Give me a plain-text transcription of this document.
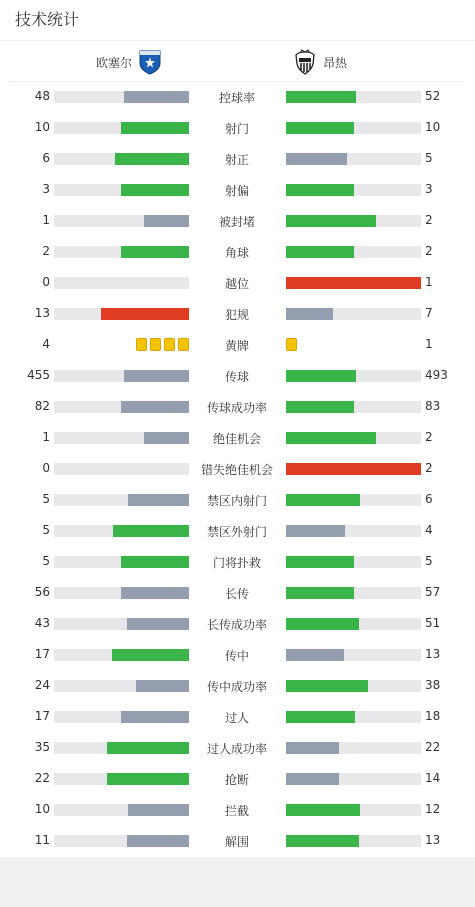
技术统计
欧塞尔	昂热
48	控球率	52
10	射门	10
6	射正	5
3	射偏	3
1	被封堵	2
2	角球	2
0	越位	1
13	犯规	7
4	黄牌	1
455	传球	493
82	传球成功率	83
1	绝佳机会	2
0	错失绝佳机会	2
5	禁区内射门	6
5	禁区外射门	4
5	门将扑救	5
56	长传	57
43	长传成功率	51
17	传中	13
24	传中成功率	38
17	过人	18
35	过人成功率	22
22	抢断	14
10	拦截	12
11	解围	13
